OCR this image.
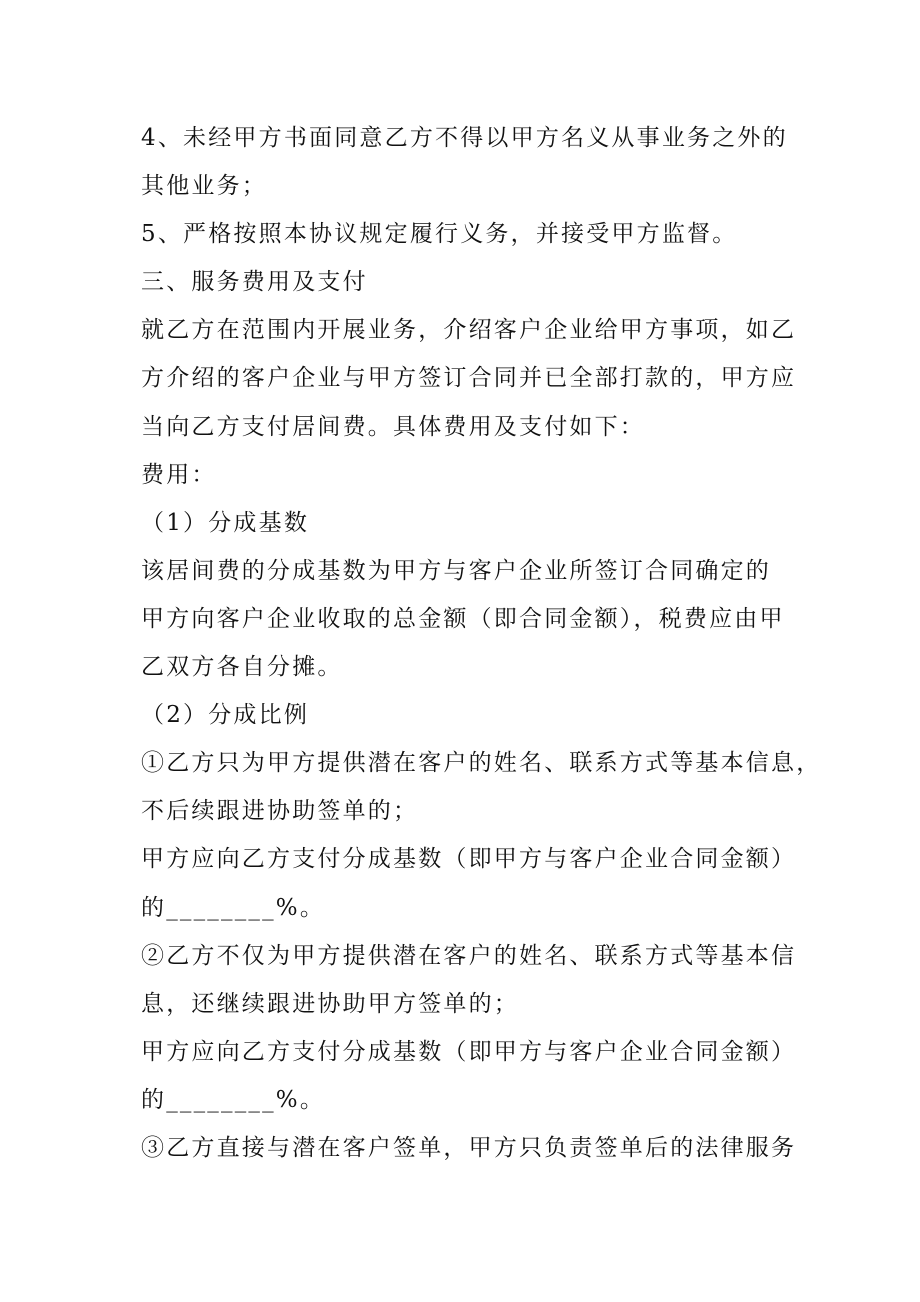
4、未经甲方书面同意乙方不得以甲方名义从事业务之外的
其他业务；
5、严格按照本协议规定履行义务，并接受甲方监督。
三、服务费用及支付
就乙方在范围内开展业务，介绍客户企业给甲方事项，如乙
方介绍的客户企业与甲方签订合同并已全部打款的，甲方应
当向乙方支付居间费。具体费用及支付如下：
费用：
（1）分成基数
该居间费的分成基数为甲方与客户企业所签订合同确定的
甲方向客户企业收取的总金额（即合同金额），税费应由甲
乙双方各自分摊。
（2）分成比例
①乙方只为甲方提供潜在客户的姓名、联系方式等基本信息，
不后续跟进协助签单的；
甲方应向乙方支付分成基数（即甲方与客户企业合同金额）
的________%。
②乙方不仅为甲方提供潜在客户的姓名、联系方式等基本信
息，还继续跟进协助甲方签单的；
甲方应向乙方支付分成基数（即甲方与客户企业合同金额）
的________%。
③乙方直接与潜在客户签单，甲方只负责签单后的法律服务
